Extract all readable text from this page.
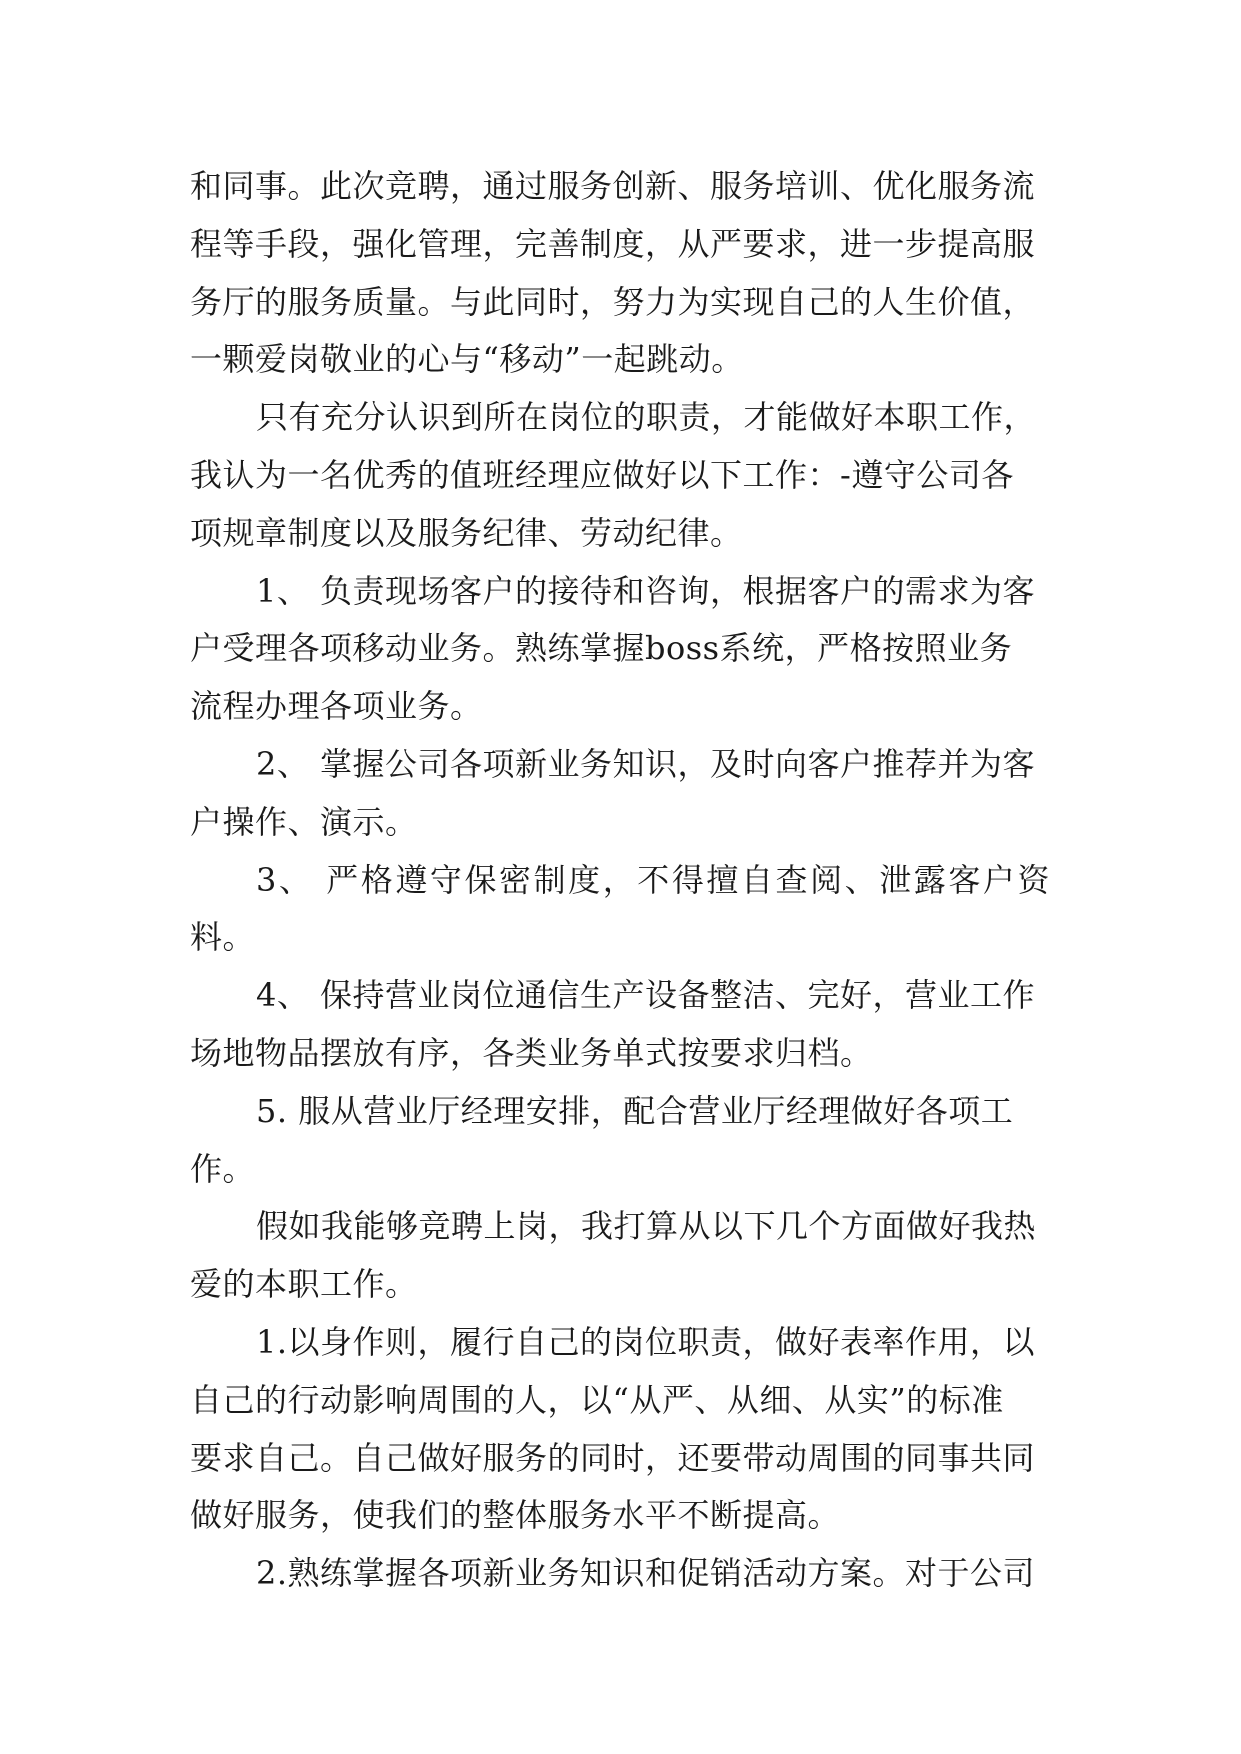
和同事。此次竞聘，通过服务创新、服务培训、优化服务流
程等手段，强化管理，完善制度，从严要求，进一步提高服
务厅的服务质量。与此同时，努力为实现自己的人生价值，
一颗爱岗敬业的心与“移动”一起跳动。

只有充分认识到所在岗位的职责，才能做好本职工作，
我认为一名优秀的值班经理应做好以下工作：-遵守公司各
项规章制度以及服务纪律、劳动纪律。

1、 负责现场客户的接待和咨询，根据客户的需求为客
户受理各项移动业务。熟练掌握boss系统，严格按照业务
流程办理各项业务。

2、 掌握公司各项新业务知识，及时向客户推荐并为客
户操作、演示。

3、 严格遵守保密制度，不得擅自查阅、泄露客户资料。

4、 保持营业岗位通信生产设备整洁、完好，营业工作
场地物品摆放有序，各类业务单式按要求归档。

5. 服从营业厅经理安排，配合营业厅经理做好各项工
作。

假如我能够竞聘上岗，我打算从以下几个方面做好我热
爱的本职工作。

1.以身作则，履行自己的岗位职责，做好表率作用，以
自己的行动影响周围的人，以“从严、从细、从实”的标准
要求自己。自己做好服务的同时，还要带动周围的同事共同
做好服务，使我们的整体服务水平不断提高。

2.熟练掌握各项新业务知识和促销活动方案。对于公司
